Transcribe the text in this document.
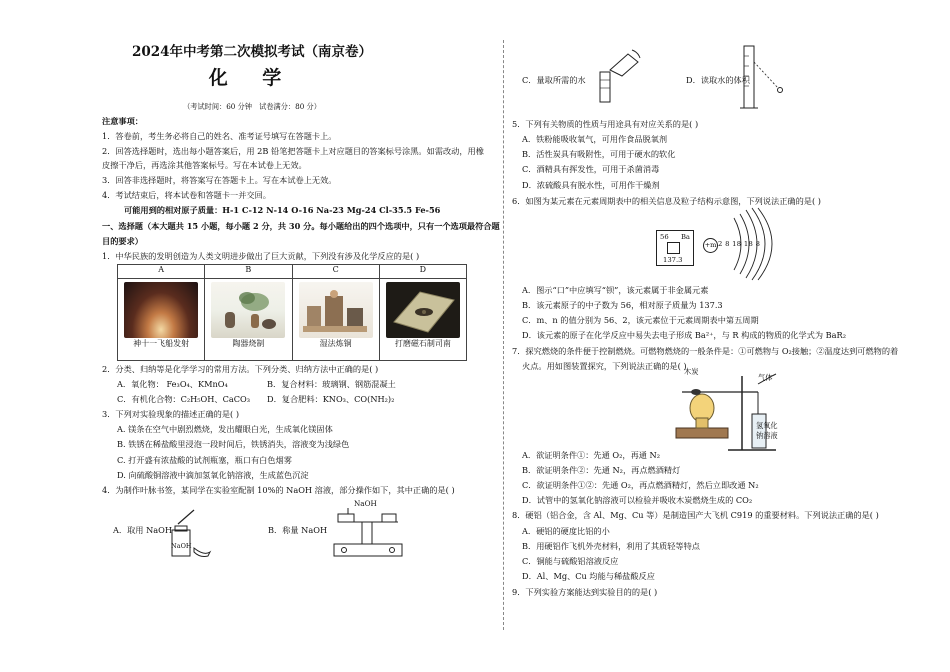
2024年中考第二次模拟考试（南京卷）
化 学
（考试时间：60 分钟　试卷满分：80 分）
注意事项：
1．答卷前，考生务必将自己的姓名、准考证号填写在答题卡上。
2．回答选择题时，选出每小题答案后，用 2B 铅笔把答题卡上对应题目的答案标号涂黑。如需改动，用橡
皮擦干净后，再选涂其他答案标号。写在本试卷上无效。
3．回答非选择题时，将答案写在答题卡上。写在本试卷上无效。
4．考试结束后，将本试卷和答题卡一并交回。
可能用到的相对原子质量：H-1 C-12 N-14 O-16 Na-23 Mg-24 Cl-35.5 Fe-56
一、选择题（本大题共 15 小题，每小题 2 分，共 30 分。每小题给出的四个选项中，只有一个选项最符合题
目的要求）
1．中华民族的发明创造为人类文明进步做出了巨大贡献，下列没有涉及化学反应的是( )
A	B	C	D

神十一飞船发射	陶器烧制	湿法炼铜	打磨磁石制司南
2．分类、归纳等是化学学习的常用方法。下列分类、归纳方法中正确的是( )
A．氧化物： Fe₃O₄、KMnO₄	B．复合材料：玻璃钢、钢筋混凝土
C．有机化合物：C₂H₅OH、CaCO₃ D．复合肥料：KNO₃、CO(NH₂)₂
3．下列对实验现象的描述正确的是( )
A. 镁条在空气中剧烈燃烧，发出耀眼白光，生成氧化镁固体
B. 铁锈在稀盐酸里浸泡一段时间后，铁锈消失，溶液变为浅绿色
C. 打开盛有浓盐酸的试剂瓶塞，瓶口有白色烟雾
D. 向硫酸铜溶液中滴加氢氧化钠溶液，生成蓝色沉淀
4．为制作叶脉书签，某同学在实验室配制 10%的 NaOH 溶液，部分操作如下，其中正确的是( )
A．取用 NaOH
NaOH
B．称量 NaOH
NaOH
C．量取所需的水	D．读取水的体积
5．下列有关物质的性质与用途具有对应关系的是( )
A．铁粉能吸收氧气，可用作食品脱氧剂
B．活性炭具有吸附性，可用于硬水的软化
C．酒精具有挥发性，可用于杀菌消毒
D．浓硫酸具有脱水性，可用作干燥剂
6．如图为某元素在元素周期表中的相关信息及粒子结构示意图，下列说法正确的是( )
56 Ba
137.3
+m 2 8 18 18 8
A．图示“口”中应填写“钡”，该元素属于非金属元素
B．该元素原子的中子数为 56，相对原子质量为 137.3
C．m、n 的值分别为 56、2，该元素位于元素周期表中第五周期
D．该元素的原子在化学反应中易失去电子形成 Ba²⁺，与 R 构成的物质的化学式为 BaR₂
7．探究燃烧的条件便于控制燃烧。可燃物燃烧的一般条件是：①可燃物与 O₂接触；②温度达到可燃物的着
火点。用如图装置探究，下列说法正确的是( )
木炭
气体
氢氧化
钠溶液
A．欲证明条件①：先通 O₂，再通 N₂
B．欲证明条件②：先通 N₂，再点燃酒精灯
C．欲证明条件①②：先通 O₂，再点燃酒精灯，然后立即改通 N₂
D．试管中的氢氧化钠溶液可以检验并吸收木炭燃烧生成的 CO₂
8．硬铝（铝合金，含 Al、Mg、Cu 等）是制造国产大飞机 C919 的重要材料。下列说法正确的是( )
A．硬铝的硬度比铝的小
B．用硬铝作飞机外壳材料，利用了其质轻等特点
C．铜能与硫酸铝溶液反应
D．Al、Mg、Cu 均能与稀盐酸反应
9．下列实验方案能达到实验目的的是( )
